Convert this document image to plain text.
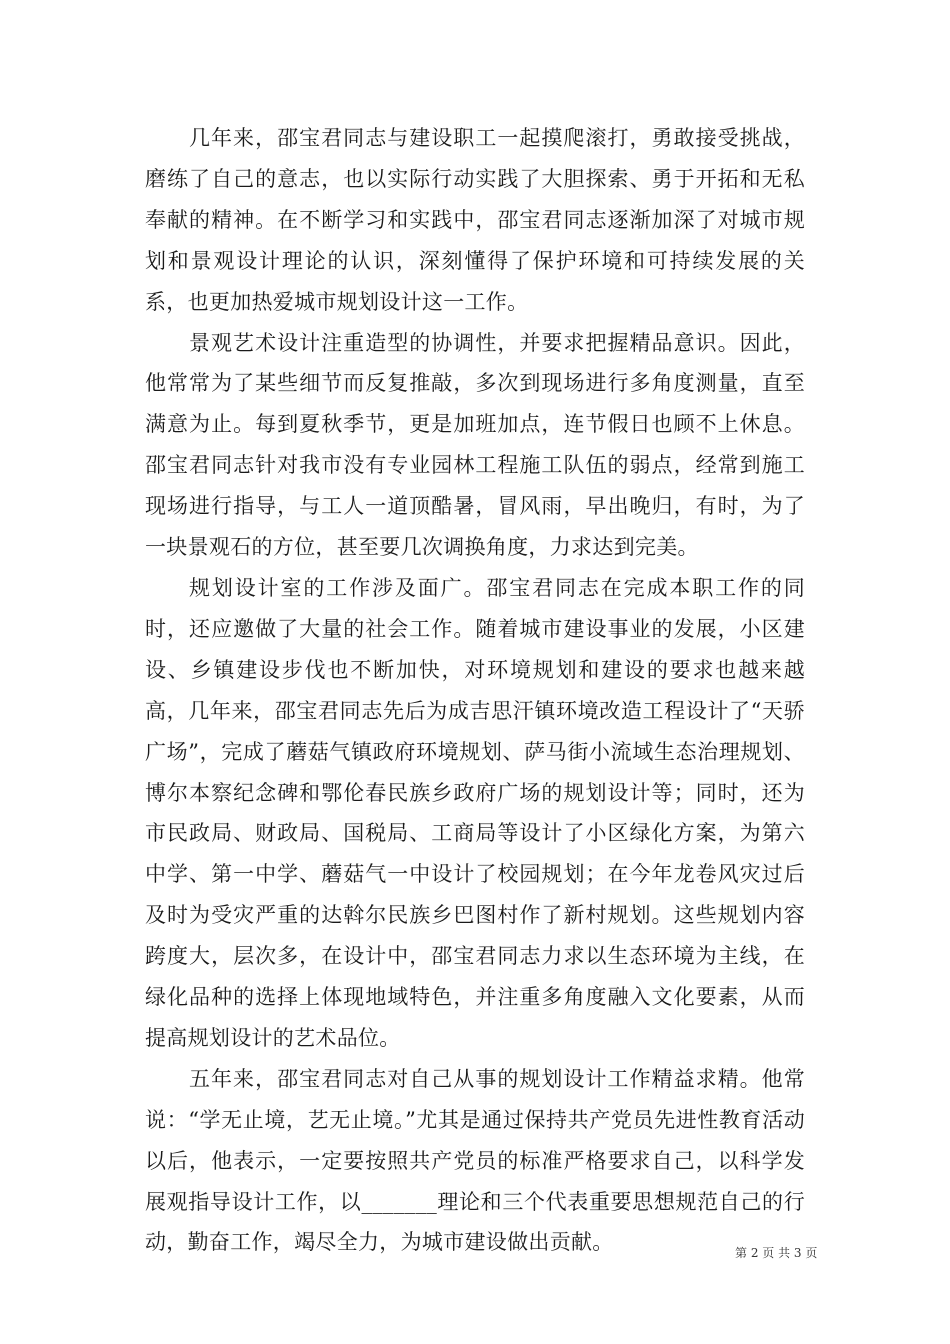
几年来，邵宝君同志与建设职工一起摸爬滚打，勇敢接受挑战，磨练了自己的意志，也以实际行动实践了大胆探索、勇于开拓和无私奉献的精神。在不断学习和实践中，邵宝君同志逐渐加深了对城市规划和景观设计理论的认识，深刻懂得了保护环境和可持续发展的关系，也更加热爱城市规划设计这一工作。

景观艺术设计注重造型的协调性，并要求把握精品意识。因此，他常常为了某些细节而反复推敲，多次到现场进行多角度测量，直至满意为止。每到夏秋季节，更是加班加点，连节假日也顾不上休息。邵宝君同志针对我市没有专业园林工程施工队伍的弱点，经常到施工现场进行指导，与工人一道顶酷暑，冒风雨，早出晚归，有时，为了一块景观石的方位，甚至要几次调换角度，力求达到完美。

规划设计室的工作涉及面广。邵宝君同志在完成本职工作的同时，还应邀做了大量的社会工作。随着城市建设事业的发展，小区建设、乡镇建设步伐也不断加快，对环境规划和建设的要求也越来越高，几年来，邵宝君同志先后为成吉思汗镇环境改造工程设计了“天骄广场”，完成了蘑菇气镇政府环境规划、萨马街小流域生态治理规划、博尔本察纪念碑和鄂伦春民族乡政府广场的规划设计等；同时，还为市民政局、财政局、国税局、工商局等设计了小区绿化方案，为第六中学、第一中学、蘑菇气一中设计了校园规划；在今年龙卷风灾过后及时为受灾严重的达斡尔民族乡巴图村作了新村规划。这些规划内容跨度大，层次多，在设计中，邵宝君同志力求以生态环境为主线，在绿化品种的选择上体现地域特色，并注重多角度融入文化要素，从而提高规划设计的艺术品位。

五年来，邵宝君同志对自己从事的规划设计工作精益求精。他常说：“学无止境，艺无止境。”尤其是通过保持共产党员先进性教育活动以后，他表示，一定要按照共产党员的标准严格要求自己，以科学发展观指导设计工作，以_______理论和三个代表重要思想规范自己的行动，勤奋工作，竭尽全力，为城市建设做出贡献。	第 2 页 共 3 页
